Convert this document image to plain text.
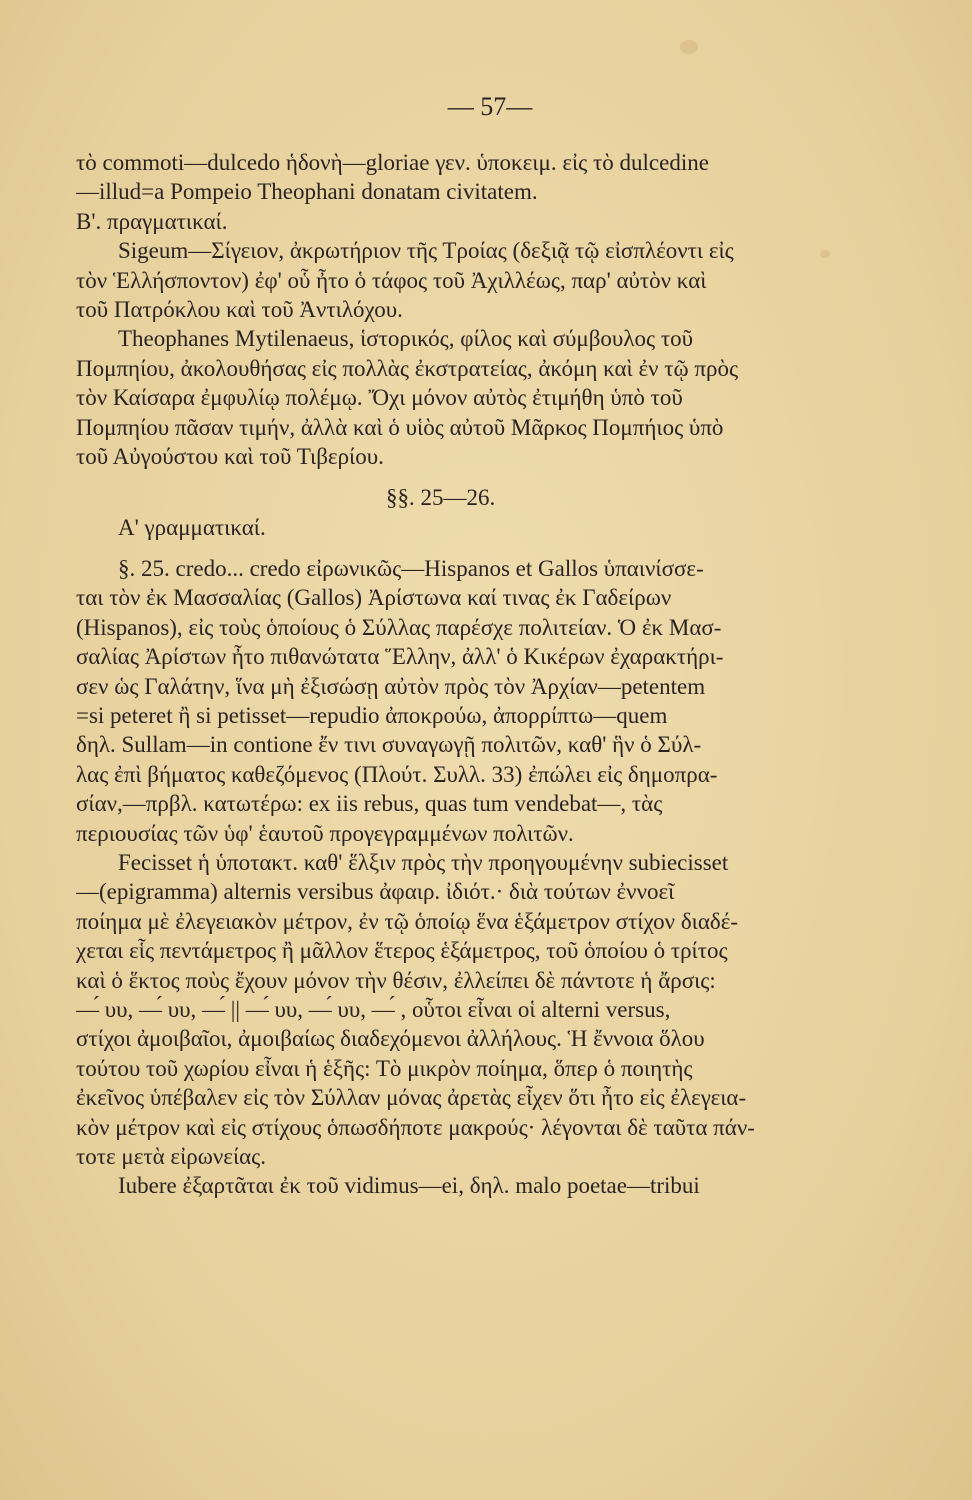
— 57—
τὸ commoti—dulcedo ἡδονὴ—gloriae γεν. ὑποκειμ. εἰς τὸ dulcedine
—illud=a Pompeio Theophani donatam civitatem.
Β'. πραγματικαί.
Sigeum—Σίγειον, ἀκρωτήριον τῆς Τροίας (δεξιᾷ τῷ εἰσπλέοντι εἰς
τὸν Ἑλλήσποντον) ἐφ' οὗ ἦτο ὁ τάφος τοῦ Ἀχιλλέως, παρ' αὐτὸν καὶ
τοῦ Πατρόκλου καὶ τοῦ Ἀντιλόχου.
Theophanes Mytilenaeus, ἱστορικός, φίλος καὶ σύμβουλος τοῦ
Πομπηίου, ἀκολουθήσας εἰς πολλὰς ἐκστρατείας, ἀκόμη καὶ ἐν τῷ πρὸς
τὸν Καίσαρα ἐμφυλίῳ πολέμῳ. Ὄχι μόνον αὐτὸς ἐτιμήθη ὑπὸ τοῦ
Πομπηίου πᾶσαν τιμήν, ἀλλὰ καὶ ὁ υἱὸς αὐτοῦ Μᾶρκος Πομπήιος ὑπὸ
τοῦ Αὐγούστου καὶ τοῦ Τιβερίου.
§§. 25—26.
Α' γραμματικαί.
§. 25. credo... credo εἰρωνικῶς—Hispanos et Gallos ὑπαινίσσε-
ται τὸν ἐκ Μασσαλίας (Gallos) Ἀρίστωνα καί τινας ἐκ Γαδείρων
(Hispanos), εἰς τοὺς ὁποίους ὁ Σύλλας παρέσχε πολιτείαν. Ὁ ἐκ Μασ-
σαλίας Ἀρίστων ἦτο πιθανώτατα Ἕλλην, ἀλλ' ὁ Κικέρων ἐχαρακτήρι-
σεν ὡς Γαλάτην, ἵνα μὴ ἐξισώσῃ αὐτὸν πρὸς τὸν Ἀρχίαν—petentem
=si peteret ἢ si petisset—repudio ἀποκρούω, ἀπορρίπτω—quem
δηλ. Sullam—in contione ἔν τινι συναγωγῇ πολιτῶν, καθ' ἣν ὁ Σύλ-
λας ἐπὶ βήματος καθεζόμενος (Πλούτ. Συλλ. 33) ἐπώλει εἰς δημοπρα-
σίαν,—πρβλ. κατωτέρω: ex iis rebus, quas tum vendebat—, τὰς
περιουσίας τῶν ὑφ' ἑαυτοῦ προγεγραμμένων πολιτῶν.
Fecisset ἡ ὑποτακτ. καθ' ἕλξιν πρὸς τὴν προηγουμένην subiecisset
—(epigramma) alternis versibus ἀφαιρ. ἰδιότ.· διὰ τούτων ἐννοεῖ
ποίημα μὲ ἐλεγειακὸν μέτρον, ἐν τῷ ὁποίῳ ἕνα ἑξάμετρον στίχον διαδέ-
χεται εἷς πεντάμετρος ἢ μᾶλλον ἕτερος ἑξάμετρος, τοῦ ὁποίου ὁ τρίτος
καὶ ὁ ἕκτος ποὺς ἔχουν μόνον τὴν θέσιν, ἐλλείπει δὲ πάντοτε ἡ ἄρσις:
—́ υυ, —́ υυ, —́ || —́ υυ, —́ υυ, —́ , οὗτοι εἶναι οἱ alterni versus,
στίχοι ἀμοιβαῖοι, ἀμοιβαίως διαδεχόμενοι ἀλλήλους. Ἡ ἔννοια ὅλου
τούτου τοῦ χωρίου εἶναι ἡ ἑξῆς: Τὸ μικρὸν ποίημα, ὅπερ ὁ ποιητὴς
ἐκεῖνος ὑπέβαλεν εἰς τὸν Σύλλαν μόνας ἀρετὰς εἶχεν ὅτι ἦτο εἰς ἐλεγεια-
κὸν μέτρον καὶ εἰς στίχους ὁπωσδήποτε μακρούς· λέγονται δὲ ταῦτα πάν-
τοτε μετὰ εἰρωνείας.
Iubere ἐξαρτᾶται ἐκ τοῦ vidimus—ei, δηλ. malo poetae—tribui
